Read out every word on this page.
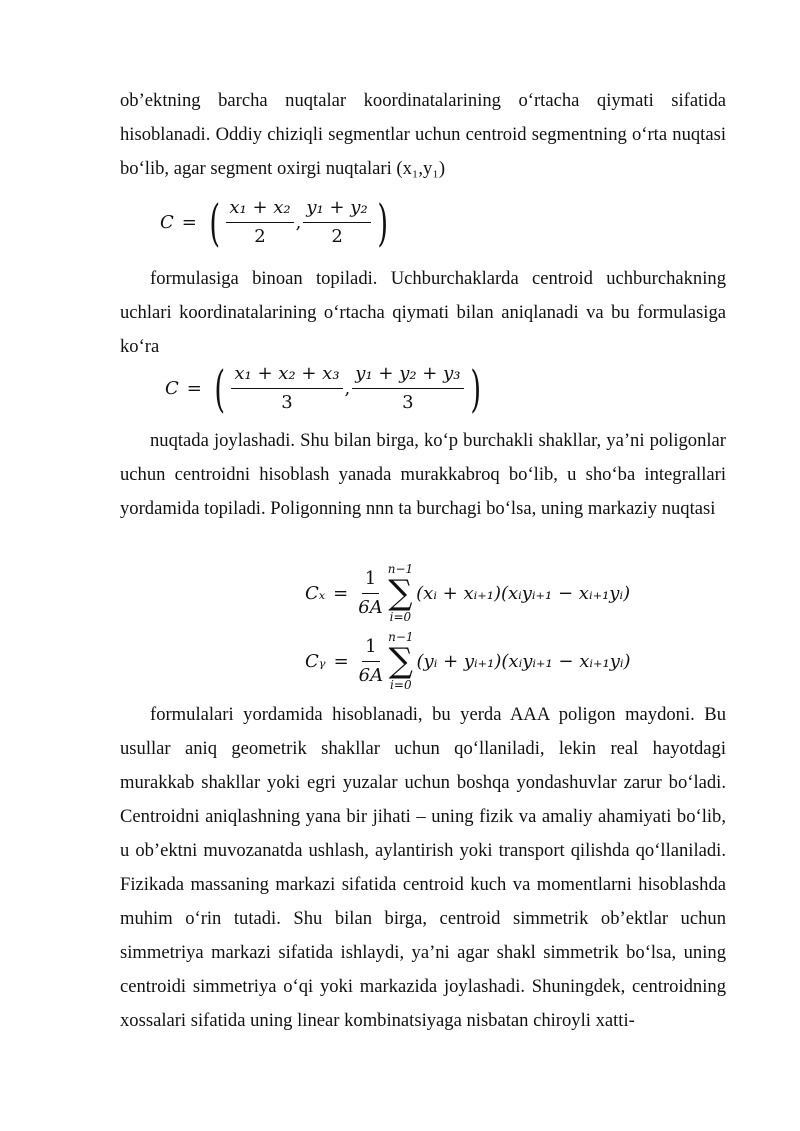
ob’ektning barcha nuqtalar koordinatalarining o‘rtacha qiymati sifatida hisoblanadi. Oddiy chiziqli segmentlar uchun centroid segmentning o‘rta nuqtasi bo‘lib, agar segment oxirgi nuqtalari (x₁,y₁)

C = ( $\frac{\text{x₁ + x₂}}{2}$ , $\frac{\text{y₁ + y₂}}{2}$ )

formulasiga binoan topiladi. Uchburchaklarda centroid uchburchakning uchlari koordinatalarining o‘rtacha qiymati bilan aniqlanadi va bu formulasiga ko‘ra

C = ( $\frac{\text{x₁ + x₂ + x₃}}{3}$ , $\frac{\text{y₁ + y₂ + y₃}}{3}$ )

nuqtada joylashadi. Shu bilan birga, ko‘p burchakli shakllar, ya’ni poligonlar uchun centroidni hisoblash yanada murakkabroq bo‘lib, u sho‘ba integrallari yordamida topiladi. Poligonning nnn ta burchagi bo‘lsa, uning markaziy nuqtasi

$C_x = \frac{1}{6A} n-1$
∑
i=0
(xᵢ + xᵢ₊₁)(xᵢyᵢ₊₁ − xᵢ₊₁yᵢ)
Cᵧ = $\frac{1}{6A} n-1$
∑
i=0
(yᵢ + yᵢ₊₁)(xᵢyᵢ₊₁ − xᵢ₊₁yᵢ)

formulalari yordamida hisoblanadi, bu yerda AAA poligon maydoni. Bu usullar aniq geometrik shakllar uchun qo‘llaniladi, lekin real hayotdagi murakkab shakllar yoki egri yuzalar uchun boshqa yondashuvlar zarur bo‘ladi. Centroidni aniqlashning yana bir jihati – uning fizik va amaliy ahamiyati bo‘lib, u ob’ektni muvozanatda ushlash, aylantirish yoki transport qilishda qo‘llaniladi. Fizikada massaning markazi sifatida centroid kuch va momentlarni hisoblashda muhim o‘rin tutadi. Shu bilan birga, centroid simmetrik ob’ektlar uchun simmetriya markazi sifatida ishlaydi, ya’ni agar shakl simmetrik bo‘lsa, uning centroidi simmetriya o‘qi yoki markazida joylashadi. Shuningdek, centroidning xossalari sifatida uning linear kombinatsiyaga nisbatan chiroyli xatti-
